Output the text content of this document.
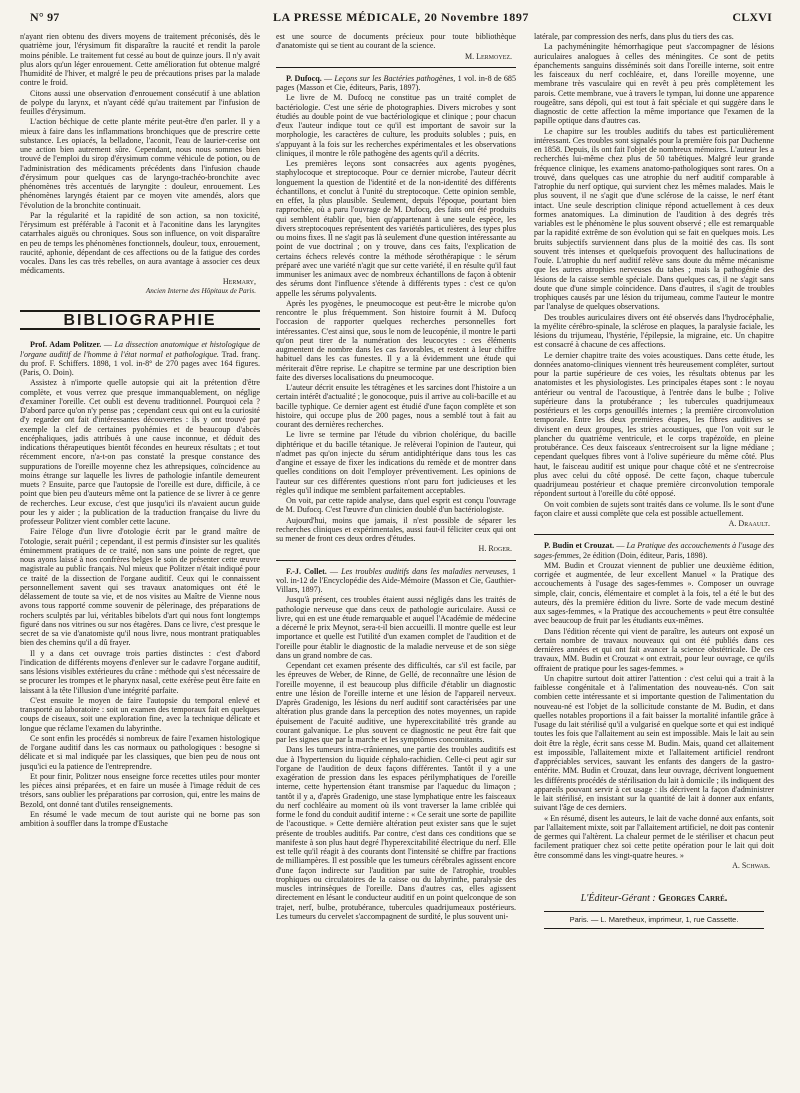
N° 97	LA PRESSE MÉDICALE, 20 Novembre 1897	CLXVI

n'ayant rien obtenu des divers moyens de traitement préconisés, dès le quatrième jour, l'érysimum fit disparaître la raucité et rendit la parole moins pénible. Le traitement fut cessé au bout de quinze jours. Il n'y avait plus alors qu'un léger enrouement. Cette amélioration fut obtenue malgré l'humidité de l'hiver, et malgré le peu de précautions prises par la malade contre le froid.

Citons aussi une observation d'enrouement consécutif à une ablation de polype du larynx, et n'ayant cédé qu'au traitement par l'infusion de feuilles d'érysimum.

L'action béchique de cette plante mérite peut-être d'en parler. Il y a mieux à faire dans les inflammations bronchiques que de prescrire cette substance. Les opiacés, la belladone, l'aconit, l'eau de laurier-cerise ont une action bien autrement sûre. Cependant, nous nous sommes bien trouvé de l'emploi du sirop d'érysimum comme véhicule de potion, ou de l'administration des médicaments précédents dans l'infusion chaude d'érysimum pour quelques cas de laryngo-trachéo-bronchite avec phénomènes très accentués de laryngite : douleur, enrouement. Les phénomènes laryngés étaient par ce moyen vite amendés, alors que l'évolution de la bronchite continuait.

Par la régularité et la rapidité de son action, sa non toxicité, l'érysimum est préférable à l'aconit et à l'aconitine dans les laryngites catarrhales aiguës ou chroniques. Sous son influence, on voit disparaître en peu de temps les phénomènes fonctionnels, douleur, toux, enrouement, raucité, aphonie, dépendant de ces affections ou de la fatigue des cordes vocales. Dans les cas très rebelles, on aura avantage à associer ces deux médicaments.

Hermary,
Ancien Interne des Hôpitaux de Paris.
BIBLIOGRAPHIE

Prof. Adam Politzer. — La dissection anatomique et histologique de l'organe auditif de l'homme à l'état normal et pathologique. Trad. franç. du prof. F. Schiffers. 1898, 1 vol. in-8° de 270 pages avec 164 figures. (Paris, O. Doin).

Assistez à n'importe quelle autopsie qui ait la prétention d'être complète, et vous verrez que presque immanquablement, on néglige d'examiner l'oreille. Cet oubli est devenu traditionnel. Pourquoi cela ? D'abord parce qu'on n'y pense pas ; cependant ceux qui ont eu la curiosité d'y regarder ont fait d'intéressantes découvertes : ils y ont trouvé par exemple la clef de certaines pyohémies et de beaucoup d'abcès encéphaliques, jadis attribués à une cause inconnue, et déduit des indications thérapeutiques bientôt fécondes en heureux résultats ; et tout récemment encore, n'a-t-on pas constaté la presque constance des suppurations de l'oreille moyenne chez les athrepsiques, coïncidence au moins étrange sur laquelle les livres de pathologie infantile demeurent muets ? Ensuite, parce que l'autopsie de l'oreille est dure, difficile, à ce point que bien peu d'auteurs même ont la patience de se livrer à ce genre de recherches. Leur excuse, c'est que jusqu'ici ils n'avaient aucun guide pour les y aider ; la publication de la traduction française du livre du professeur Politzer vient combler cette lacune.

Faire l'éloge d'un livre d'otologie écrit par le grand maître de l'otologie, serait puéril ; cependant, il est permis d'insister sur les qualités éminemment pratiques de ce traité, non sans une pointe de regret, que nous ayons laissé à nos confrères belges le soin de présenter cette œuvre magistrale au public français. Nul mieux que Politzer n'était indiqué pour ce traité de la dissection de l'organe auditif. Ceux qui le connaissent personnellement savent qui ses travaux anatomiques ont été le délassement de toute sa vie, et de nos visites au Maître de Vienne nous avons tous rapporté comme souvenir de pèlerinage, des préparations de rochers sculptés par lui, véritables bibelots d'art qui nous font longtemps figuré dans nos vitrines ou sur nos étagères. Dans ce livre, c'est presque le secret de sa vie d'anatomiste qu'il nous livre, nous montrant pratiquables bien des chemins qu'il a dû frayer.

Il y a dans cet ouvrage trois parties distinctes : c'est d'abord l'indication de différents moyens d'enlever sur le cadavre l'organe auditif, sans lésions visibles extérieures du crâne : méthode qui s'est nécessaire de se procurer les trompes et le pharynx nasal, cette exérèse peut être faite en laissant à la tête l'illusion d'une intégrité parfaite.

C'est ensuite le moyen de faire l'autopsie du temporal enlevé et transporté au laboratoire : soit un examen des temporaux fait en quelques coups de ciseaux, soit une exploration fine, avec la technique délicate et longue que réclame l'examen du labyrinthe.

Ce sont enfin les procédés si nombreux de faire l'examen histologique de l'organe auditif dans les cas normaux ou pathologiques : besogne si délicate et si mal indiquée par les classiques, que bien peu de nous ont jusqu'ici eu la patience de l'entreprendre.

Et pour finir, Politzer nous enseigne force recettes utiles pour monter les pièces ainsi préparées, et en faire un musée à l'image réduit de ces trésors, sans oublier les préparations par corrosion, qui, entre les mains de Bezold, ont donné tant d'utiles renseignements.

En résumé le vade mecum de tout auriste qui ne borne pas son ambition à souffler dans la trompe d'Eustache

est une source de documents précieux pour toute bibliothèque d'anatomiste qui se tient au courant de la science.

M. Lermoyez.

P. Dufocq. — Leçons sur les Bactéries pathogènes, 1 vol. in-8 de 685 pages (Masson et Cie, éditeurs, Paris, 1897).

Le livre de M. Dufocq ne constitue pas un traité complet de bactériologie. C'est une série de photographies. Divers microbes y sont étudiés au double point de vue bactériologique et clinique ; pour chacun d'eux l'auteur indique tout ce qu'il est important de savoir sur la morphologie, les caractères de culture, les produits solubles ; puis, en s'appuyant à la fois sur les recherches expérimentales et les observations cliniques, il montre le rôle pathogène des agents qu'il a décrits.

Les premières leçons sont consacrées aux agents pyogènes, staphylocoque et streptocoque. Pour ce dernier microbe, l'auteur décrit longuement la question de l'identité et de la non-identité des différents échantillons, et conclut à l'unité du streptocoque. Cette opinion semble, en effet, la plus plausible. Seulement, depuis l'époque, pourtant bien rapprochée, où a paru l'ouvrage de M. Dufocq, des faits ont été produits qui semblent établir que, bien qu'appartenant à une seule espèce, les divers streptocoques représentent des variétés particulières, des types plus ou moins fixes. Il ne s'agit pas là seulement d'une question intéressante au point de vue doctrinal ; on y trouve, dans ces faits, l'explication de certains échecs relevés contre la méthode sérothérapique : le sérum préparé avec une variété n'agit que sur cette variété, il en résulte qu'il faut immuniser les animaux avec de nombreux échantillons de façon à obtenir des sérums dont l'influence s'étende à différents types : c'est ce qu'on appelle les sérums polyvalents.

Après les pyogènes, le pneumocoque est peut-être le microbe qu'on rencontre le plus fréquemment. Son histoire fournit à M. Dufocq l'occasion de rapporter quelques recherches personnelles fort intéressantes. C'est ainsi que, sous le nom de leucopénie, il montre le parti qu'on peut tirer de la numération des leucocytes : ces éléments augmentent de nombre dans les cas favorables, et restent à leur chiffre habituel dans les cas funestes. Il y a là évidemment une étude qui mériterait d'être reprise. Le chapitre se termine par une description bien faite des diverses localisations du pneumocoque.

L'auteur décrit ensuite les tétragènes et les sarcines dont l'histoire a un certain intérêt d'actualité ; le gonocoque, puis il arrive au coli-bacille et au bacille typhique. Ce dernier agent est étudié d'une façon complète et son histoire, qui occupe plus de 200 pages, nous a semblé tout à fait au courant des dernières recherches.

Le livre se termine par l'étude du vibrion cholérique, du bacille diphtérique et du bacille tétanique. Je relèverai l'opinion de l'auteur, qui n'admet pas qu'on injecte du sérum antidiphtérique dans tous les cas d'angine et essaye de fixer les indications du remède et de montrer dans quelles conditions on doit l'employer préventivement. Les opinions de l'auteur sur ces différentes questions n'ont paru fort judicieuses et les règles qu'il indique me semblent parfaitement acceptables.

On voit, par cette rapide analyse, dans quel esprit est conçu l'ouvrage de M. Dufocq. C'est l'œuvre d'un clinicien doublé d'un bactériologiste.

Aujourd'hui, moins que jamais, il n'est possible de séparer les recherches cliniques et expérimentales, aussi faut-il féliciter ceux qui ont su mener de front ces deux ordres d'études.

H. Roger.

F.-J. Collet. — Les troubles auditifs dans les maladies nerveuses, 1 vol. in-12 de l'Encyclopédie des Aide-Mémoire (Masson et Cie, Gauthier-Villars, 1897).

Jusqu'à présent, ces troubles étaient aussi négligés dans les traités de pathologie nerveuse que dans ceux de pathologie auriculaire. Aussi ce livre, qui en est une étude remarquable et auquel l'Académie de médecine a décerné le prix Meynot, sera-t-il bien accueilli. Il montre quelle est leur importance et quelle est l'utilité d'un examen complet de l'audition et de l'oreille pour établir le diagnostic de la maladie nerveuse et de son siège dans un grand nombre de cas.

Cependant cet examen présente des difficultés, car s'il est facile, par les épreuves de Weber, de Rinne, de Gellé, de reconnaître une lésion de l'oreille moyenne, il est beaucoup plus difficile d'établir un diagnostic entre une lésion de l'oreille interne et une lésion de l'appareil nerveux. D'après Gradenigo, les lésions du nerf auditif sont caractérisées par une altération plus grande dans la perception des notes moyennes, un rapide épuisement de l'acuité auditive, une hyperexcitabilité très grande au courant galvanique. Le plus souvent ce diagnostic ne peut être fait que par les signes que par la marche et les symptômes concomitants.

Dans les tumeurs intra-crâniennes, une partie des troubles auditifs est due à l'hypertension du liquide céphalo-rachidien. Celle-ci peut agir sur l'organe de l'audition de deux façons différentes. Tantôt il y a une exagération de pression dans les espaces périlymphatiques de l'oreille interne, cette hypertension étant transmise par l'aqueduc du limaçon ; tantôt il y a, d'après Gradenigo, une stase lymphatique entre les faisceaux du nerf cochléaire au moment où ils vont traverser la lame criblée qui forme le fond du conduit auditif interne : « Ce serait une sorte de papillite de l'acoustique. » Cette dernière altération peut exister sans que le sujet présente de troubles auditifs. Par contre, c'est dans ces conditions que se manifeste à son plus haut degré l'hyperexcitabilité électrique du nerf. Elle est telle qu'il réagit à des courants dont l'intensité se chiffre par fractions de milliampères. Il est possible que les tumeurs cérébrales agissent encore d'une façon indirecte sur l'audition par suite de l'atrophie, troubles trophiques ou circulatoires de la caisse ou du labyrinthe, paralysie des muscles intrinsèques de l'oreille. Dans d'autres cas, elles agissent directement en lésant le conducteur auditif en un point quelconque de son trajet, nerf, bulbe, protubérance, tubercules quadrijumeaux postérieurs. Les tumeurs du cervelet s'accompagnent de surdité, le plus souvent uni-

latérale, par compression des nerfs, dans plus du tiers des cas.

La pachyméningite hémorrhagique peut s'accompagner de lésions auriculaires analogues à celles des méningites. Ce sont de petits épanchements sanguins disséminés soit dans l'oreille interne, soit entre les faisceaux du nerf cochléaire, et, dans l'oreille moyenne, une membrane très vasculaire qui en revêt à peu près complètement les parois. Cette membrane, vue à travers le tympan, lui donne une apparence rougeâtre, sans dépoli, qui est tout à fait spéciale et qui suggère dans le diagnostic de cette affection la même importance que l'examen de la papille optique dans d'autres cas.

Le chapitre sur les troubles auditifs du tabes est particulièrement intéressant. Ces troubles sont signalés pour la première fois par Duchenne en 1858. Depuis, ils ont fait l'objet de nombreux mémoires. L'auteur les a recherchés lui-même chez plus de 50 tabétiques. Malgré leur grande fréquence clinique, les examens anatomo-pathologiques sont rares. On a trouvé, dans quelques cas une atrophie du nerf auditif comparable à l'atrophie du nerf optique, qui survient chez les mêmes malades. Mais le plus souvent, il ne s'agit que d'une sclérose de la caisse, le nerf étant intact. Une seule description clinique répond actuellement à ces deux formes anatomiques. La diminution de l'audition à des degrés très variables est le phénomène le plus souvent observé ; elle est remarquable par la rapidité extrême de son évolution qui se fait en quelques mois. Les bruits subjectifs surviennent dans plus de la moitié des cas. Ils sont souvent très intenses et quelquefois provoquent des hallucinations de l'ouïe. L'atrophie du nerf auditif relève sans doute du même mécanisme que les autres atrophies nerveuses du tabes ; mais la pathogénie des lésions de la caisse semble spéciale. Dans quelques cas, il ne s'agit sans doute que d'une simple coïncidence. Dans d'autres, il s'agit de troubles trophiques causés par une lésion du trijumeau, comme l'auteur le montre par l'analyse de quelques observations.

Des troubles auriculaires divers ont été observés dans l'hydrocéphalie, la myélite cérébro-spinale, la sclérose en plaques, la paralysie faciale, les lésions du trijumeau, l'hystérie, l'épilepsie, la migraine, etc. Un chapitre est consacré à chacune de ces affections.

Le dernier chapitre traite des voies acoustiques. Dans cette étude, les données anatomo-cliniques viennent très heureusement compléter, surtout pour la partie supérieure de ces voies, les résultats obtenus par les anatomistes et les physiologistes. Les principales étapes sont : le noyau antérieur ou ventral de l'acoustique, à l'entrée dans le bulbe ; l'olive supérieure dans la protubérance ; les tubercules quadrijumeaux postérieurs et les corps genouillés internes ; la première circonvolution temporale. Entre les deux premières étapes, les fibres auditives se divisent en deux groupes, les stries acoustiques, que l'on voit sur le plancher du quatrième ventricule, et le corps trapézoïde, en pleine protubérance. Ces deux faisceaux s'entrecroisent sur la ligne médiane ; cependant quelques fibres vont à l'olive supérieure du même côté. Plus haut, le faisceau auditif est unique pour chaque côté et ne s'entrecroise plus avec celui du côté opposé. De cette façon, chaque tubercule quadrijumeau postérieur et chaque première circonvolution temporale répondent surtout à l'oreille du côté opposé.

On voit combien de sujets sont traités dans ce volume. Ils le sont d'une façon claire et aussi complète que cela est possible actuellement.

A. Draault.

P. Budin et Crouzat. — La Pratique des accouchements à l'usage des sages-femmes, 2e édition (Doin, éditeur, Paris, 1898).

MM. Budin et Crouzat viennent de publier une deuxième édition, corrigée et augmentée, de leur excellent Manuel « la Pratique des accouchements à l'usage des sages-femmes ». Composer un ouvrage simple, clair, concis, élémentaire et complet à la fois, tel a été le but des auteurs, dès la première édition du livre. Sorte de vade mecum destiné aux sages-femmes, « la Pratique des accouchements » peut être consultée avec beaucoup de fruit par les étudiants eux-mêmes.

Dans l'édition récente qui vient de paraître, les auteurs ont exposé un certain nombre de travaux nouveaux qui ont été publiés dans ces dernières années et qui ont fait avancer la science obstétricale. De ces travaux, MM. Budin et Crouzat « ont extrait, pour leur ouvrage, ce qu'ils offraient de pratique pour les sages-femmes. »

Un chapitre surtout doit attirer l'attention : c'est celui qui a trait à la faiblesse congénitale et à l'alimentation des nouveau-nés. C'on sait combien cette intéressante et si importante question de l'alimentation du nouveau-né est l'objet de la sollicitude constante de M. Budin, et dans quelles notables proportions il a fait baisser la mortalité infantile grâce à l'usage du lait stérilisé qu'il a vulgarisé en quelque sorte et qui est indiqué toutes les fois que l'allaitement au sein est impossible. Mais le lait au sein doit être la règle, écrit sans cesse M. Budin. Mais, quand cet allaitement est impossible, l'allaitement mixte et l'allaitement artificiel rendront d'appréciables services, sauvant les enfants des dangers de la gastro-entérite. MM. Budin et Crouzat, dans leur ouvrage, décrivent longuement les différents procédés de stérilisation du lait à domicile ; ils indiquent des appareils pouvant servir à cet usage : ils décrivent la façon d'administrer le lait stérilisé, en insistant sur la quantité de lait à donner aux enfants, suivant l'âge de ces derniers.

« En résumé, disent les auteurs, le lait de vache donné aux enfants, soit par l'allaitement mixte, soit par l'allaitement artificiel, ne doit pas contenir de germes qui l'altèrent. La chaleur permet de le stériliser et chacun peut facilement pratiquer chez soi cette petite opération pour le lait qui doit être consommé dans les vingt-quatre heures. »

A. Schwab.
L'Éditeur-Gérant : Georges Carré.
Paris. — L. Maretheux, imprimeur, 1, rue Cassette.
